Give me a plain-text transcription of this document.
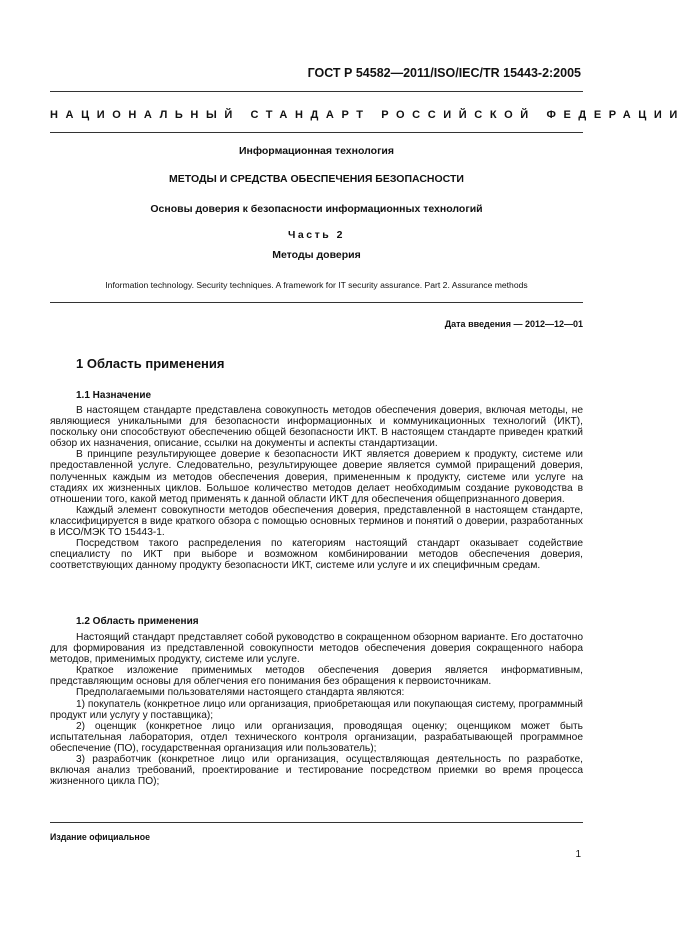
ГОСТ Р 54582—2011/ISO/IEC/TR 15443-2:2005
НАЦИОНАЛЬНЫЙ СТАНДАРТ РОССИЙСКОЙ ФЕДЕРАЦИИ
Информационная технология
МЕТОДЫ И СРЕДСТВА ОБЕСПЕЧЕНИЯ БЕЗОПАСНОСТИ
Основы доверия к безопасности информационных технологий
Часть 2
Методы доверия
Information technology. Security techniques. A framework for IT security assurance. Part 2. Assurance methods
Дата введения — 2012—12—01
1 Область применения
1.1 Назначение

В настоящем стандарте представлена совокупность методов обеспечения доверия, включая методы, не являющиеся уникальными для безопасности информационных и коммуникационных технологий (ИКТ), поскольку они способствуют обеспечению общей безопасности ИКТ. В настоящем стандарте приведен краткий обзор их назначения, описание, ссылки на документы и аспекты стандартизации.

В принципе результирующее доверие к безопасности ИКТ является доверием к продукту, системе или предоставленной услуге. Следовательно, результирующее доверие является суммой приращений доверия, полученных каждым из методов обеспечения доверия, примененным к продукту, системе или услуге на стадиях их жизненных циклов. Большое количество методов делает необходимым создание руководства в отношении того, какой метод применять к данной области ИКТ для обеспечения общепризнанного доверия.

Каждый элемент совокупности методов обеспечения доверия, представленной в настоящем стандарте, классифицируется в виде краткого обзора с помощью основных терминов и понятий о доверии, разработанных в ИСО/МЭК ТО 15443-1.

Посредством такого распределения по категориям настоящий стандарт оказывает содействие специалисту по ИКТ при выборе и возможном комбинировании методов обеспечения доверия, соответствующих данному продукту безопасности ИКТ, системе или услуге и их специфичным средам.

1.2 Область применения

Настоящий стандарт представляет собой руководство в сокращенном обзорном варианте. Его достаточно для формирования из представленной совокупности методов обеспечения доверия сокращенного набора методов, применимых продукту, системе или услуге.

Краткое изложение применимых методов обеспечения доверия является информативным, представляющим основы для облегчения его понимания без обращения к первоисточникам.

Предполагаемыми пользователями настоящего стандарта являются:

1) покупатель (конкретное лицо или организация, приобретающая или покупающая систему, программный продукт или услугу у поставщика);

2) оценщик (конкретное лицо или организация, проводящая оценку; оценщиком может быть испытательная лаборатория, отдел технического контроля организации, разрабатывающей программное обеспечение (ПО), государственная организация или пользователь);

3) разработчик (конкретное лицо или организация, осуществляющая деятельность по разработке, включая анализ требований, проектирование и тестирование посредством приемки во время процесса жизненного цикла ПО);

Издание официальное
1
